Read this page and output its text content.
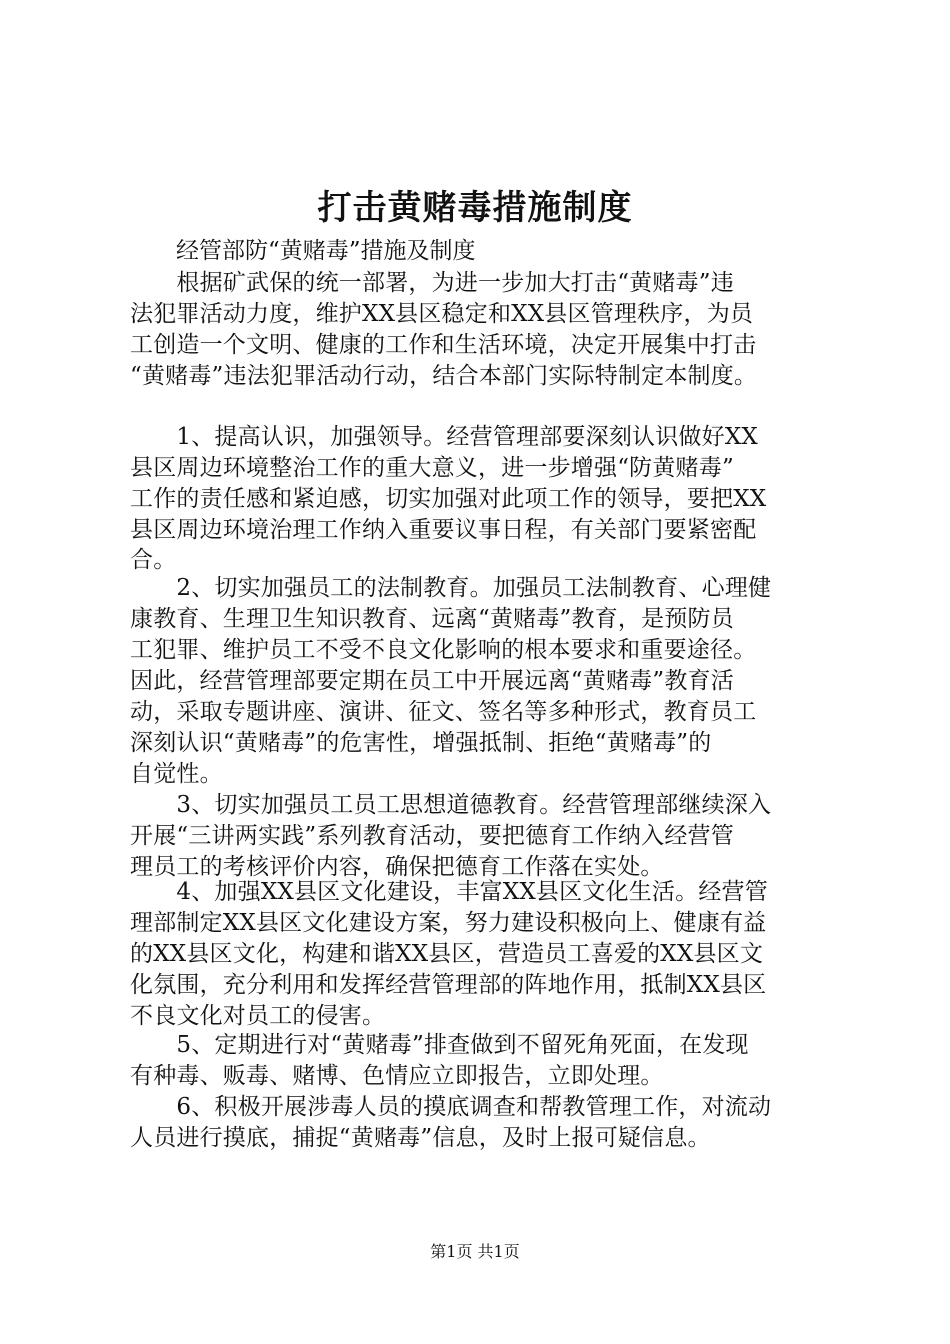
打击黄赌毒措施制度
经管部防“黄赌毒”措施及制度
　　根据矿武保的统一部署，为进一步加大打击“黄赌毒”违
法犯罪活动力度，维护XX县区稳定和XX县区管理秩序，为员
工创造一个文明、健康的工作和生活环境，决定开展集中打击
“黄赌毒”违法犯罪活动行动，结合本部门实际特制定本制度。
　　1、提高认识，加强领导。经营管理部要深刻认识做好XX
县区周边环境整治工作的重大意义，进一步增强“防黄赌毒”
工作的责任感和紧迫感，切实加强对此项工作的领导，要把XX
县区周边环境治理工作纳入重要议事日程，有关部门要紧密配
合。
　　2、切实加强员工的法制教育。加强员工法制教育、心理健
康教育、生理卫生知识教育、远离“黄赌毒”教育，是预防员
工犯罪、维护员工不受不良文化影响的根本要求和重要途径。
因此，经营管理部要定期在员工中开展远离“黄赌毒”教育活
动，采取专题讲座、演讲、征文、签名等多种形式，教育员工
深刻认识“黄赌毒”的危害性，增强抵制、拒绝“黄赌毒”的
自觉性。
　　3、切实加强员工员工思想道德教育。经营管理部继续深入
开展“三讲两实践”系列教育活动，要把德育工作纳入经营管
理员工的考核评价内容，确保把德育工作落在实处。
　　4、加强XX县区文化建设，丰富XX县区文化生活。经营管
理部制定XX县区文化建设方案，努力建设积极向上、健康有益
的XX县区文化，构建和谐XX县区，营造员工喜爱的XX县区文
化氛围，充分利用和发挥经营管理部的阵地作用，抵制XX县区
不良文化对员工的侵害。
　　5、定期进行对“黄赌毒”排查做到不留死角死面，在发现
有种毒、贩毒、赌博、色情应立即报告，立即处理。
　　6、积极开展涉毒人员的摸底调查和帮教管理工作，对流动
人员进行摸底，捕捉“黄赌毒”信息，及时上报可疑信息。
第1页 共1页
